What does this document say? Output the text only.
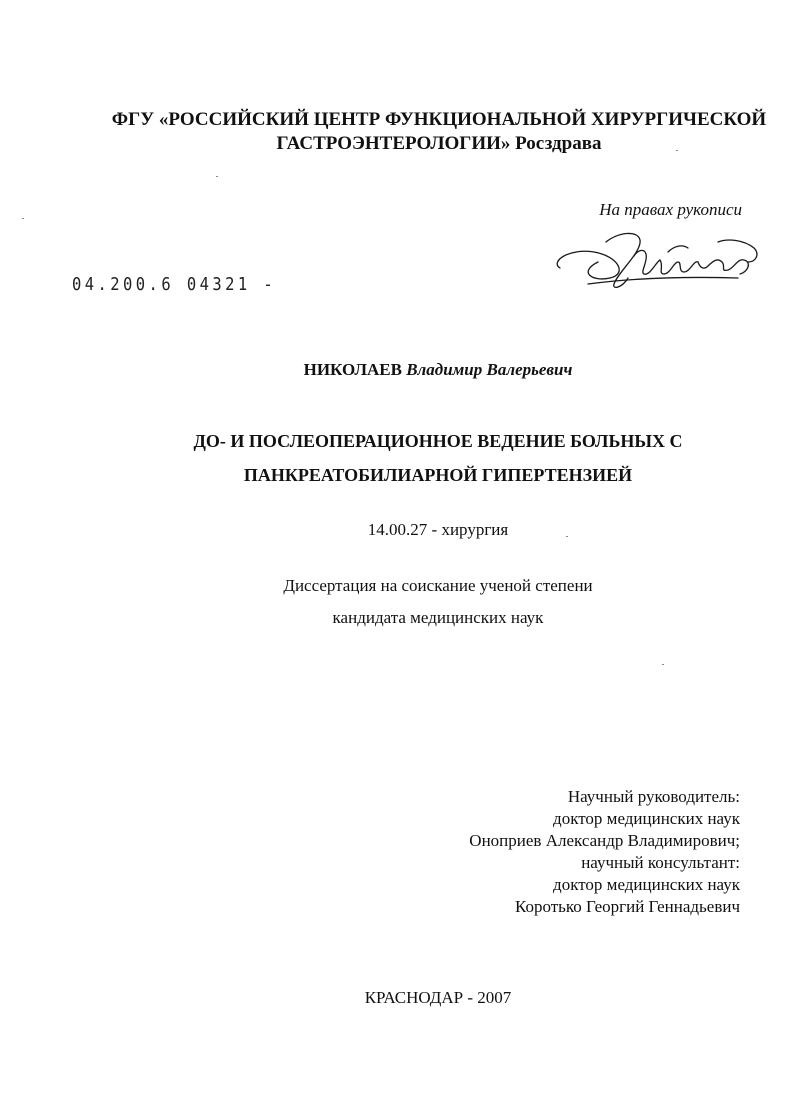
ФГУ «РОССИЙСКИЙ ЦЕНТР ФУНКЦИОНАЛЬНОЙ ХИРУРГИЧЕСКОЙ
ГАСТРОЭНТЕРОЛОГИИ» Росздрава
На правах рукописи
04.200.6 04321 -
НИКОЛАЕВ Владимир Валерьевич
ДО- И ПОСЛЕОПЕРАЦИОННОЕ ВЕДЕНИЕ БОЛЬНЫХ С
ПАНКРЕАТОБИЛИАРНОЙ ГИПЕРТЕНЗИЕЙ
14.00.27 - хирургия
Диссертация на соискание ученой степени
кандидата медицинских наук
Научный руководитель:
доктор медицинских наук
Оноприев Александр Владимирович;
научный консультант:
доктор медицинских наук
Коротько Георгий Геннадьевич
КРАСНОДАР - 2007
